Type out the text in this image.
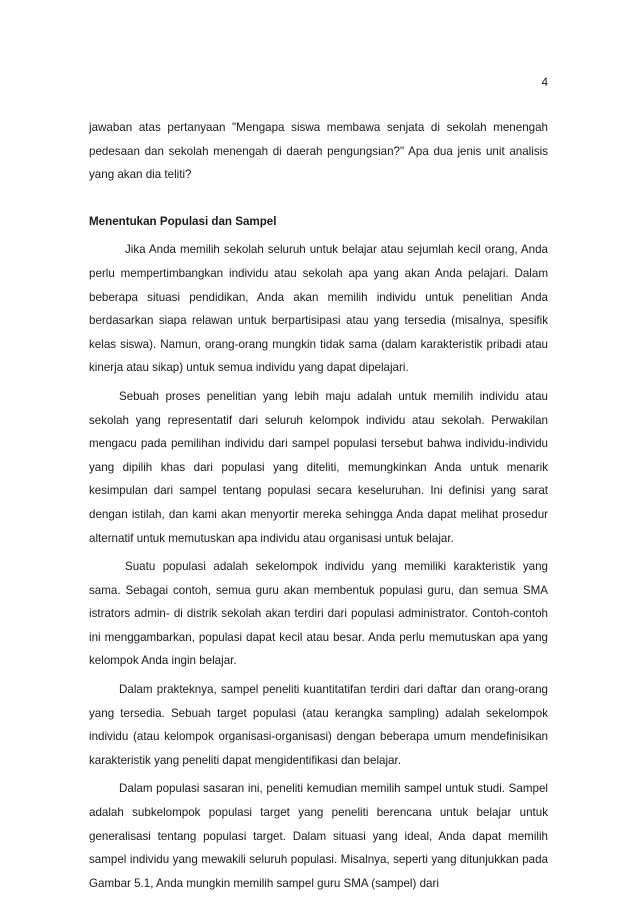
4

jawaban atas pertanyaan "Mengapa siswa membawa senjata di sekolah menengah pedesaan dan sekolah menengah di daerah pengungsian?" Apa dua jenis unit analisis yang akan dia teliti?

Menentukan Populasi dan Sampel

Jika Anda memilih sekolah seluruh untuk belajar atau sejumlah kecil orang, Anda perlu mempertimbangkan individu atau sekolah apa yang akan Anda pelajari. Dalam beberapa situasi pendidikan, Anda akan memilih individu untuk penelitian Anda berdasarkan siapa relawan untuk berpartisipasi atau yang tersedia (misalnya, spesifik kelas siswa). Namun, orang-orang mungkin tidak sama (dalam karakteristik pribadi atau kinerja atau sikap) untuk semua individu yang dapat dipelajari.

Sebuah proses penelitian yang lebih maju adalah untuk memilih individu atau sekolah yang representatif dari seluruh kelompok individu atau sekolah. Perwakilan mengacu pada pemilihan individu dari sampel populasi tersebut bahwa individu-individu yang dipilih khas dari populasi yang diteliti, memungkinkan Anda untuk menarik kesimpulan dari sampel tentang populasi secara keseluruhan. Ini definisi yang sarat dengan istilah, dan kami akan menyortir mereka sehingga Anda dapat melihat prosedur alternatif untuk memutuskan apa individu atau organisasi untuk belajar.

Suatu populasi adalah sekelompok individu yang memiliki karakteristik yang sama. Sebagai contoh, semua guru akan membentuk populasi guru, dan semua SMA istrators admin- di distrik sekolah akan terdiri dari populasi administrator. Contoh-contoh ini menggambarkan, populasi dapat kecil atau besar. Anda perlu memutuskan apa yang kelompok Anda ingin belajar.

Dalam prakteknya, sampel peneliti kuantitatifan terdiri dari daftar dan orang-orang yang tersedia. Sebuah target populasi (atau kerangka sampling) adalah sekelompok individu (atau kelompok organisasi-organisasi) dengan beberapa umum mendefinisikan karakteristik yang peneliti dapat mengidentifikasi dan belajar.

Dalam populasi sasaran ini, peneliti kemudian memilih sampel untuk studi. Sampel adalah subkelompok populasi target yang peneliti berencana untuk belajar untuk generalisasi tentang populasi target. Dalam situasi yang ideal, Anda dapat memilih sampel individu yang mewakili seluruh populasi. Misalnya, seperti yang ditunjukkan pada Gambar 5.1, Anda mungkin memilih sampel guru SMA (sampel) dari
